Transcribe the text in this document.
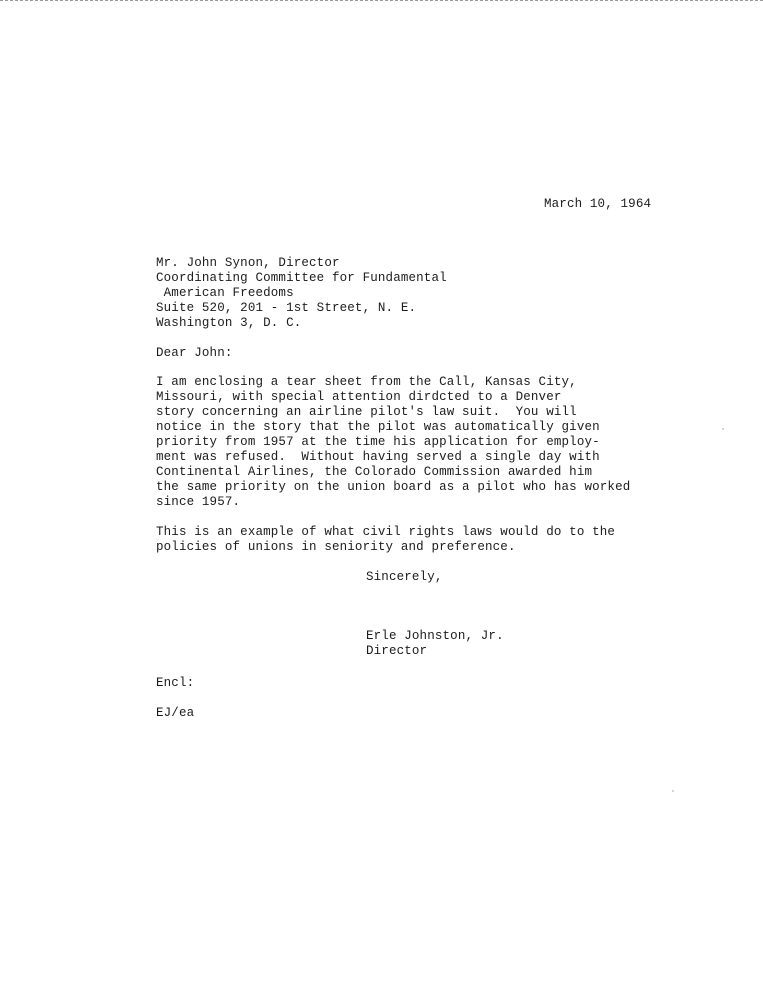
March 10, 1964
Mr. John Synon, Director
Coordinating Committee for Fundamental
American Freedoms
Suite 520, 201 - 1st Street, N. E.
Washington 3, D. C.
Dear John:
I am enclosing a tear sheet from the Call, Kansas City,
Missouri, with special attention dirdcted to a Denver
story concerning an airline pilot's law suit.  You will
notice in the story that the pilot was automatically given
priority from 1957 at the time his application for employ-
ment was refused.  Without having served a single day with
Continental Airlines, the Colorado Commission awarded him
the same priority on the union board as a pilot who has worked
since 1957.
This is an example of what civil rights laws would do to the
policies of unions in seniority and preference.
Sincerely,
Erle Johnston, Jr.
Director
Encl:
EJ/ea
